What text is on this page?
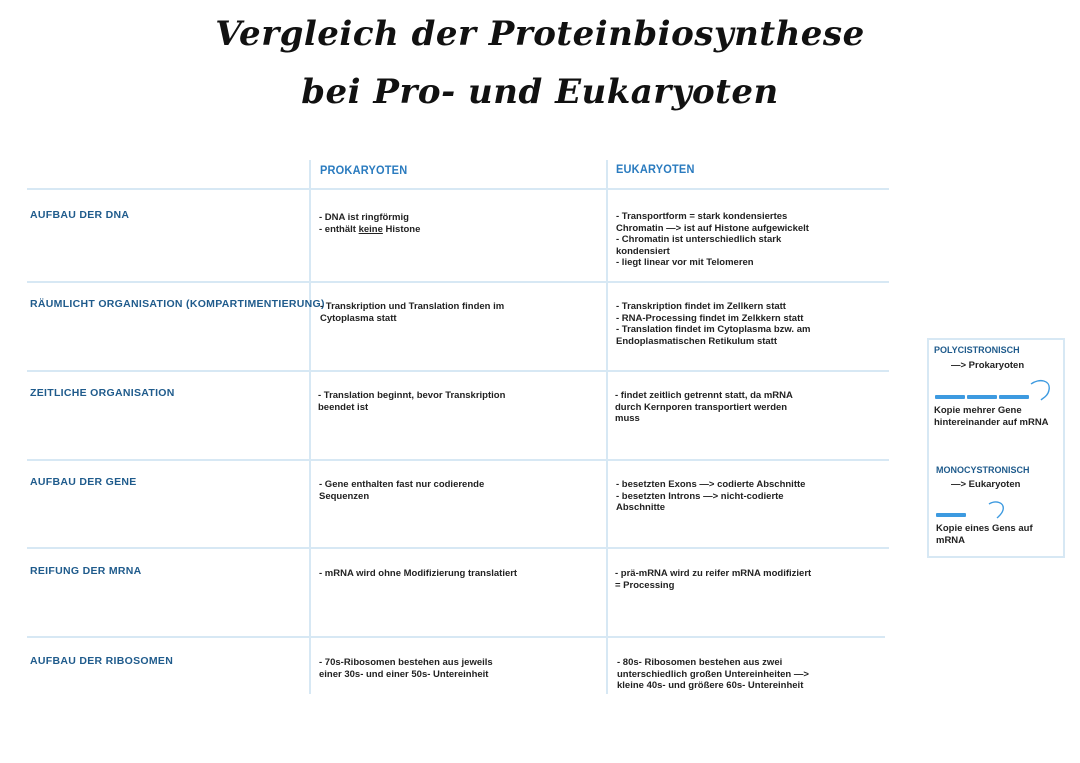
Vergleich der Proteinbiosynthese
bei Pro- und Eukaryoten
PROKARYOTEN	EUKARYOTEN
AUFBAU DER DNA
RÄUMLICHT ORGANISATION (KOMPARTIMENTIERUNG)
ZEITLICHE ORGANISATION
AUFBAU DER GENE
REIFUNG DER MRNA
AUFBAU DER RIBOSOMEN
- DNA ist ringförmig
- enthält keine Histone
- Transkription und Translation finden im
Cytoplasma statt
- Translation beginnt, bevor Transkription
beendet ist
- Gene enthalten fast nur codierende
Sequenzen
- mRNA wird ohne Modifizierung translatiert
- 70s-Ribosomen bestehen aus jeweils
einer 30s- und einer 50s- Untereinheit
- Transportform = stark kondensiertes
Chromatin —> ist auf Histone aufgewickelt
- Chromatin ist unterschiedlich stark
kondensiert
- liegt linear vor mit Telomeren
- Transkription findet im Zellkern statt
- RNA-Processing findet im Zelkkern statt
- Translation findet im Cytoplasma bzw. am
Endoplasmatischen Retikulum statt
- findet zeitlich getrennt statt, da mRNA
durch Kernporen transportiert werden
muss
- besetzten Exons —> codierte Abschnitte
- besetzten Introns —> nicht-codierte
Abschnitte
- prä-mRNA wird zu reifer mRNA modifiziert
= Processing
- 80s- Ribosomen bestehen aus zwei
unterschiedlich großen Untereinheiten —>
kleine 40s- und größere 60s- Untereinheit
POLYCISTRONISCH
—> Prokaryoten
Kopie mehrer Gene
hintereinander auf mRNA
MONOCYSTRONISCH
—> Eukaryoten
Kopie eines Gens auf
mRNA
